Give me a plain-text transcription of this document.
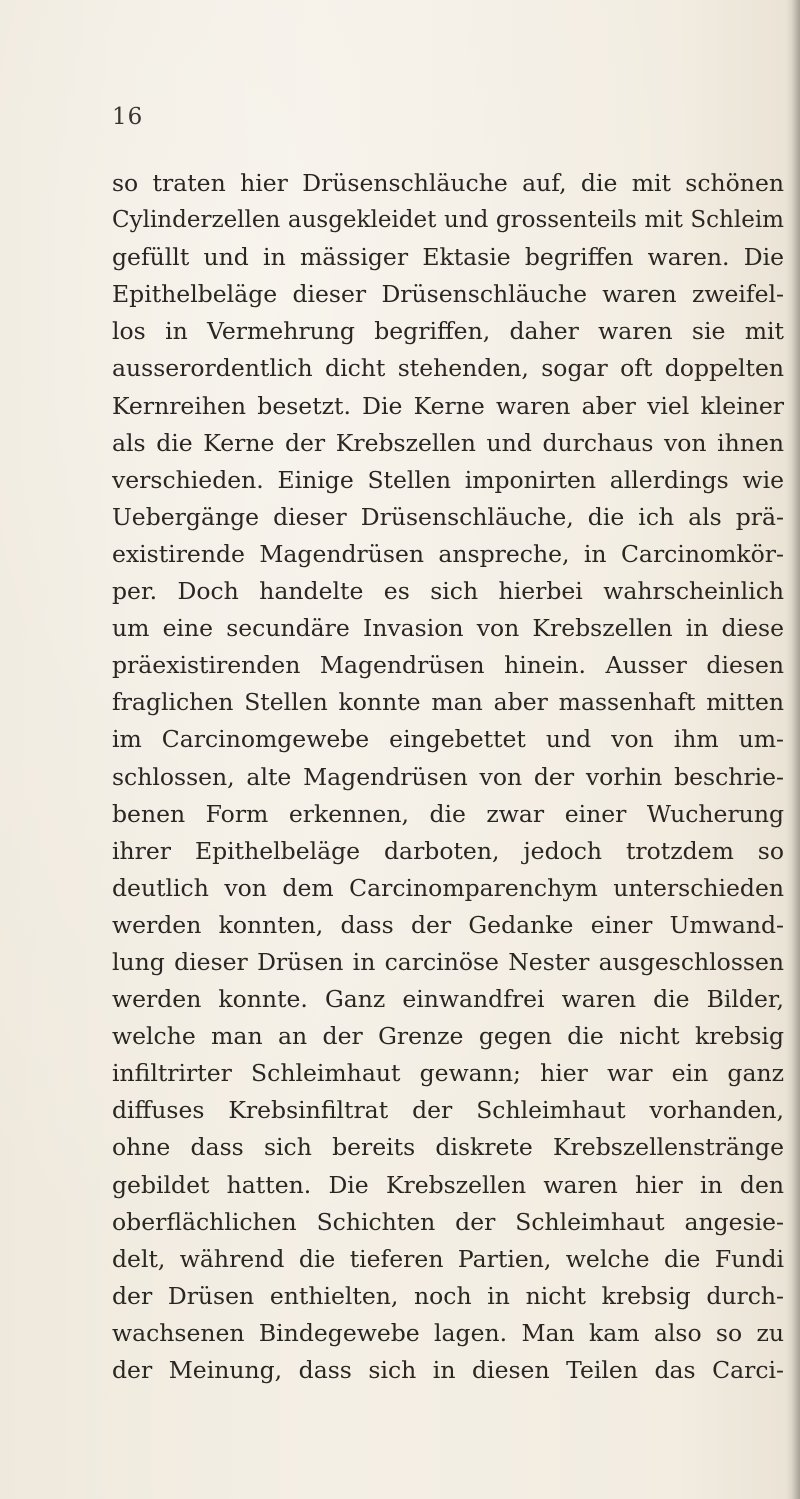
16
so traten hier Drüsenschläuche auf, die mit schönen
Cylinderzellen ausgekleidet und grossenteils mit Schleim
gefüllt und in mässiger Ektasie begriffen waren. Die
Epithelbeläge dieser Drüsenschläuche waren zweifel-
los in Vermehrung begriffen, daher waren sie mit
ausserordentlich dicht stehenden, sogar oft doppelten
Kernreihen besetzt. Die Kerne waren aber viel kleiner
als die Kerne der Krebszellen und durchaus von ihnen
verschieden. Einige Stellen imponirten allerdings wie
Uebergänge dieser Drüsenschläuche, die ich als prä-
existirende Magendrüsen anspreche, in Carcinomkör-
per. Doch handelte es sich hierbei wahrscheinlich
um eine secundäre Invasion von Krebszellen in diese
präexistirenden Magendrüsen hinein. Ausser diesen
fraglichen Stellen konnte man aber massenhaft mitten
im Carcinomgewebe eingebettet und von ihm um-
schlossen, alte Magendrüsen von der vorhin beschrie-
benen Form erkennen, die zwar einer Wucherung
ihrer Epithelbeläge darboten, jedoch trotzdem so
deutlich von dem Carcinomparenchym unterschieden
werden konnten, dass der Gedanke einer Umwand-
lung dieser Drüsen in carcinöse Nester ausgeschlossen
werden konnte. Ganz einwandfrei waren die Bilder,
welche man an der Grenze gegen die nicht krebsig
infiltrirter Schleimhaut gewann; hier war ein ganz
diffuses Krebsinfiltrat der Schleimhaut vorhanden,
ohne dass sich bereits diskrete Krebszellenstränge
gebildet hatten. Die Krebszellen waren hier in den
oberflächlichen Schichten der Schleimhaut angesie-
delt, während die tieferen Partien, welche die Fundi
der Drüsen enthielten, noch in nicht krebsig durch-
wachsenen Bindegewebe lagen. Man kam also so zu
der Meinung, dass sich in diesen Teilen das Carci-
